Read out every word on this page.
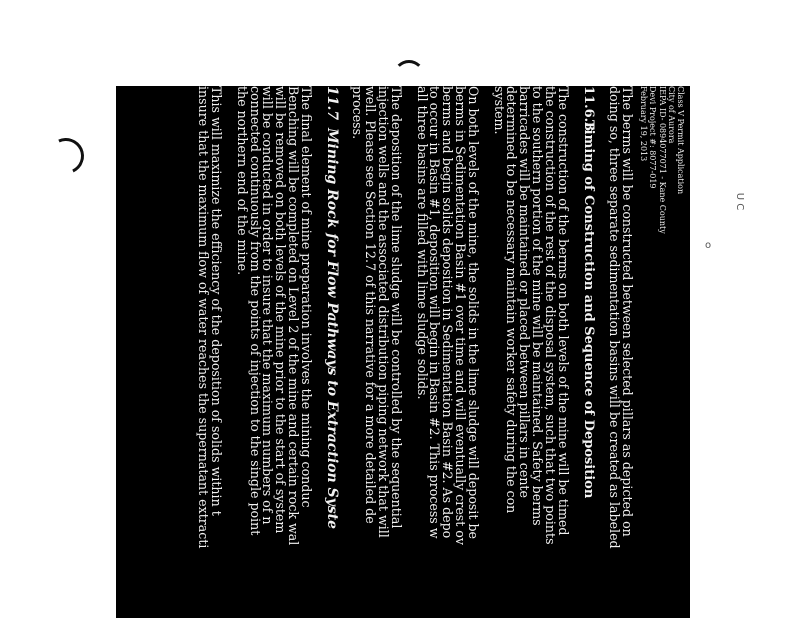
U C
o
Class V Permit Application
City of Aurora
IEPA ID- 0894077071 - Kane County
Devi Project #: 8077-019
February 19, 2013
The berms will be constructed between selected pillars as depicted on
doing so, three separate sedimentation basins will be created as labeled
11.6.3Timing of Construction and Sequence of Deposition
The construction of the berms on both levels of the mine will be timed
the construction of the rest of the disposal system, such that two points
to the southern portion of the mine will be maintained. Safety berms
barricades will be maintained or placed between pillars in cente
determined to be necessary maintain worker safety during the con
system.
On both levels of the mine, the solids in the lime sludge will deposit be
berms in Sedimentation Basin #1 over time and will eventually crest ov
berms and begin solids deposition in Sedimentation Basin #2. As depo
to occur in Basin #1, deposition will begin in Basin #2. This process w
all three basins are filled with lime sludge solids.
The deposition of the lime sludge will be controlled by the sequential
injection wells and the associated distribution piping network that will
well. Please see Section 12.7 of this narrative for a more detailed de
process.
11.7Mining Rock for Flow Pathways to Extraction Syste
The final element of mine preparation involves the mining conduc
Benching will be completed on Level 2 of the mine and certain rock wal
will be removed on both levels of the mine prior to the start of system
will be conducted in order to insure that the maximum numbers of n
connected continuously from the points of injection to the single point
the northern end of the mine.
This will maximize the efficiency of the deposition of solids within t
insure that the maximum flow of water reaches the supernatant extracti
